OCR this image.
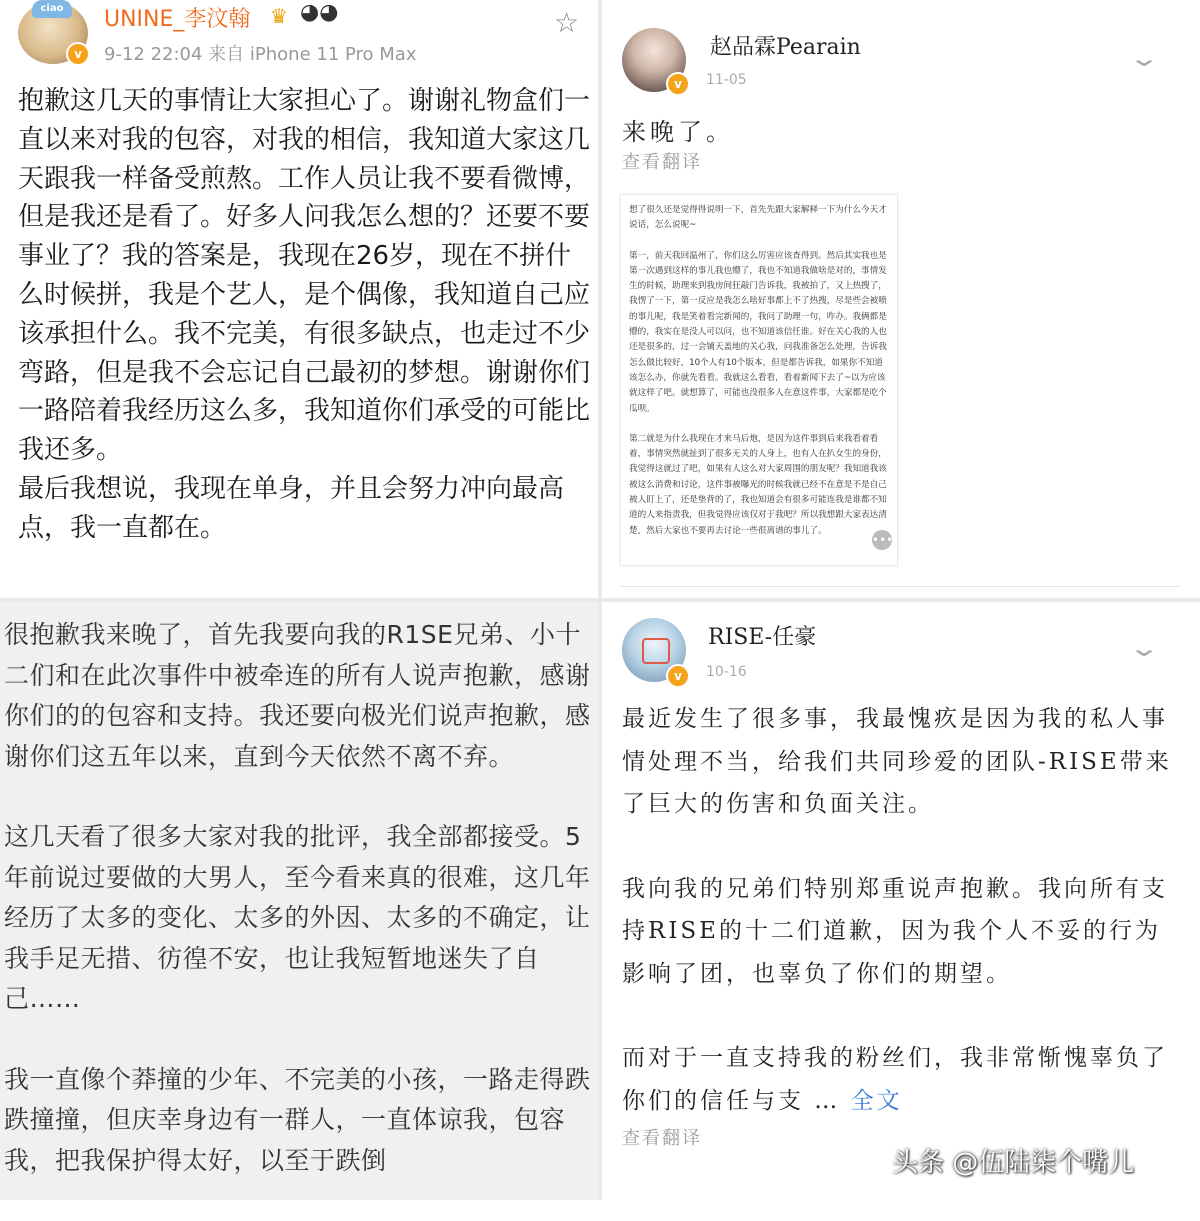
ciao
v
UNINE_李汶翰 ♛ ◕◕
9-12 22:04 来自 iPhone 11 Pro Max
☆

抱歉这几天的事情让大家担心了。谢谢礼物盒们一直以来对我的包容，对我的相信，我知道大家这几天跟我一样备受煎熬。工作人员让我不要看微博，但是我还是看了。好多人问我怎么想的？还要不要事业了？我的答案是，我现在26岁，现在不拼什么时候拼，我是个艺人，是个偶像，我知道自己应该承担什么。我不完美，有很多缺点，也走过不少弯路，但是我不会忘记自己最初的梦想。谢谢你们一路陪着我经历这么多，我知道你们承受的可能比我还多。

最后我想说，我现在单身，并且会努力冲向最高点，我一直都在。

v
赵品霖Pearain
11-05
⌄
来晚了。
查看翻译

想了很久还是觉得得说明一下，首先先跟大家解释一下为什么今天才说话，怎么说呢~

第一，前天我回温州了，你们这么厉害应该查得到。然后其实我也是第一次遇到这样的事儿我也懵了，我也不知道我做啥是对的，事情发生的时候，助理来到我房间狂敲门告诉我，我被拍了，又上热搜了，我愣了一下，第一反应是我怎么啥好事都上不了热搜，尽是些会被喷的事儿呢，我是笑着看完新闻的，我问了助理一句，咋办。我俩都是懵的，我实在是没人可以问，也不知道该信任谁。好在关心我的人也还是很多的，过一会铺天盖地的关心我，问我准备怎么处理，告诉我怎么做比较好，10个人有10个版本，但是都告诉我，如果你不知道该怎么办，你就先看看。我就这么看看，看着新闻下去了~以为应该就这样了吧。就想算了，可能也没很多人在意这件事，大家都是吃个瓜呗。

第二就是为什么我现在才来马后炮，是因为这件事到后来我看着看着，事情突然就扯到了很多无关的人身上，也有人在扒女生的身份，我觉得这就过了吧，如果有人这么对大家周围的朋友呢？我知道我该被这么消费和讨论，这件事被曝光的时候我就已经不在意是不是自己被人盯上了，还是垫背的了，我也知道会有很多可能连我是谁都不知道的人来指责我，但我觉得应该仅对于我吧？所以我想跟大家表达清楚，然后大家也不要再去讨论一些很离谱的事儿了。

•••

很抱歉我来晚了，首先我要向我的R1SE兄弟、小十二们和在此次事件中被牵连的所有人说声抱歉，感谢你们的的包容和支持。我还要向极光们说声抱歉，感谢你们这五年以来，直到今天依然不离不弃。

这几天看了很多大家对我的批评，我全部都接受。5年前说过要做的大男人，至今看来真的很难，这几年经历了太多的变化、太多的外因、太多的不确定，让我手足无措、彷徨不安，也让我短暂地迷失了自己……

我一直像个莽撞的少年、不完美的小孩，一路走得跌跌撞撞，但庆幸身边有一群人，一直体谅我，包容我，把我保护得太好，以至于跌倒

v
RISE-任豪
10-16
⌄

最近发生了很多事，我最愧疚是因为我的私人事情处理不当，给我们共同珍爱的团队-RISE带来了巨大的伤害和负面关注。

我向我的兄弟们特别郑重说声抱歉。我向所有支持RISE的十二们道歉，因为我个人不妥的行为影响了团，也辜负了你们的期望。

而对于一直支持我的粉丝们，我非常惭愧辜负了你们的信任与支 … 全文

查看翻译
头条 @伍陆柒个嘴儿
